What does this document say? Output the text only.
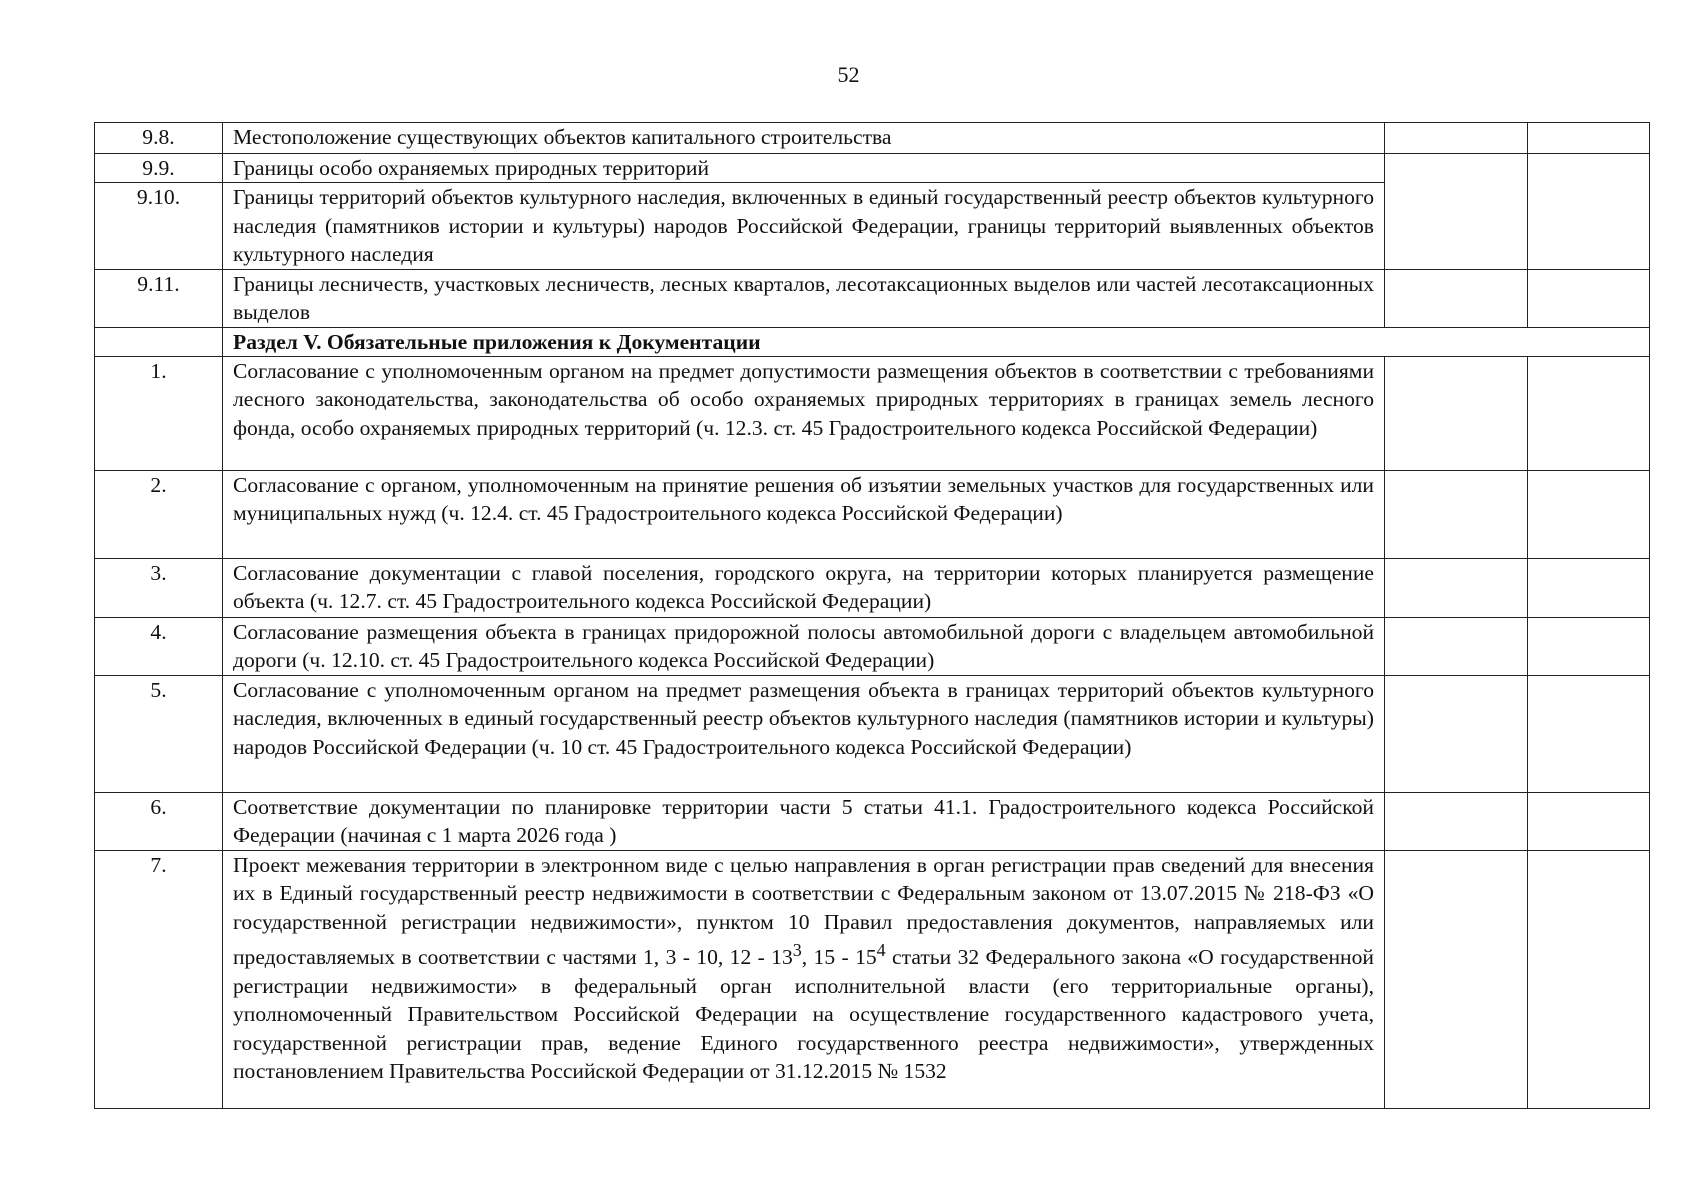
52
9.8.	Местоположение существующих объектов капитального строительства		
9.9.	Границы особо охраняемых природных территорий		
9.10.	Границы территорий объектов культурного наследия, включенных в единый государственный реестр объектов культурного наследия (памятников истории и культуры) народов Российской Федерации, границы территорий выявленных объектов культурного наследия		
9.11.	Границы лесничеств, участковых лесничеств, лесных кварталов, лесотаксационных выделов или частей лесотаксационных выделов		
	Раздел V. Обязательные приложения к Документации		
1.	Согласование с уполномоченным органом на предмет допустимости размещения объектов в соответствии с требованиями лесного законодательства, законодательства об особо охраняемых природных территориях в границах земель лесного фонда, особо охраняемых природных территорий (ч. 12.3. ст. 45 Градостроительного кодекса Российской Федерации)		
2.	Согласование с органом, уполномоченным на принятие решения об изъятии земельных участков для государственных или муниципальных нужд (ч. 12.4. ст. 45 Градостроительного кодекса Российской Федерации)		
3.	Согласование документации с главой поселения, городского округа, на территории которых планируется размещение объекта (ч. 12.7. ст. 45 Градостроительного кодекса Российской Федерации)		
4.	Согласование размещения объекта в границах придорожной полосы автомобильной дороги с владельцем автомобильной дороги (ч. 12.10. ст. 45 Градостроительного кодекса Российской Федерации)		
5.	Согласование с уполномоченным органом на предмет размещения объекта в границах территорий объектов культурного наследия, включенных в единый государственный реестр объектов культурного наследия (памятников истории и культуры) народов Российской Федерации (ч. 10 ст. 45 Градостроительного кодекса Российской Федерации)		
6.	Соответствие документации по планировке территории части 5 статьи 41.1. Градостроительного кодекса Российской Федерации (начиная с 1 марта 2026 года )		
7.	Проект межевания территории в электронном виде с целью направления в орган регистрации прав сведений для внесения их в Единый государственный реестр недвижимости в соответствии с Федеральным законом от 13.07.2015 № 218-ФЗ «О государственной регистрации недвижимости», пунктом 10 Правил предоставления документов, направляемых или предоставляемых в соответствии с частями 1, 3 - 10, $12 - 13^3$, $15 - 15^4$ статьи 32 Федерального закона «О государственной регистрации недвижимости» в федеральный орган исполнительной власти (его территориальные органы), уполномоченный Правительством Российской Федерации на осуществление государственного кадастрового учета, государственной регистрации прав, ведение Единого государственного реестра недвижимости», утвержденных постановлением Правительства Российской Федерации от 31.12.2015 № 1532		
